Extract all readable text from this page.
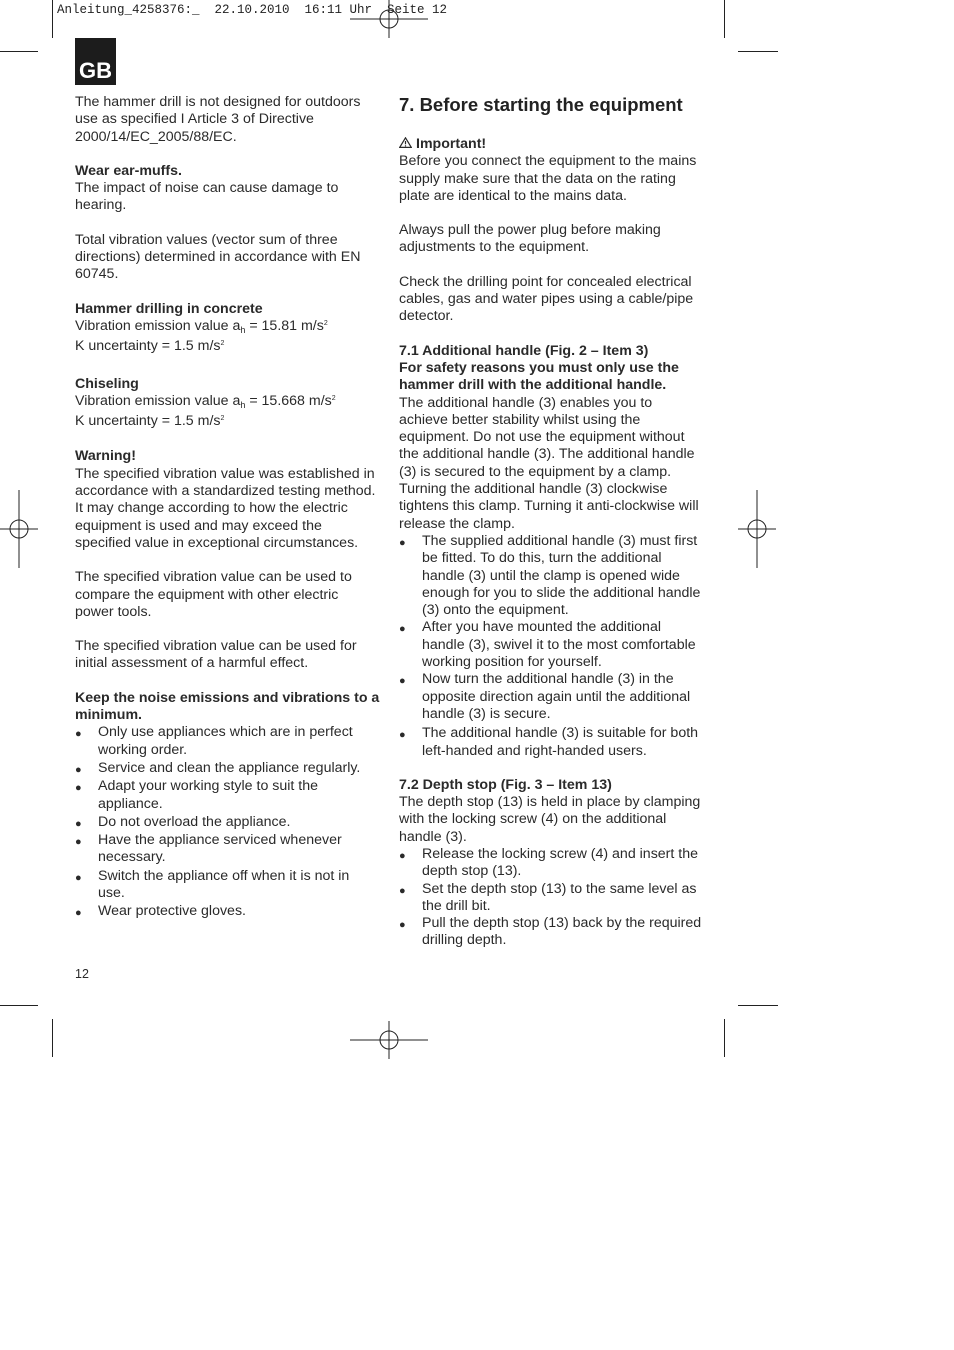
Anleitung_4258376:_  22.10.2010  16:11 Uhr  Seite 12
GB

The hammer drill is not designed for outdoors use as specified I Article 3 of Directive 2000/14/EC_2005/88/EC.

Wear ear-muffs.

The impact of noise can cause damage to hearing.

Total vibration values (vector sum of three directions) determined in accordance with EN 60745.

Hammer drilling in concrete

Vibration emission value $a_h = 15.81$ $m/s^2$

K uncertainty = 1.5 $m/s^2$

Chiseling

Vibration emission value $a_h = 15.668$ $m/s^2$

K uncertainty = 1.5 $m/s^2$

Warning!

The specified vibration value was established in accordance with a standardized testing method. It may change according to how the electric equipment is used and may exceed the specified value in exceptional circumstances.

The specified vibration value can be used to compare the equipment with other electric power tools.

The specified vibration value can be used for initial assessment of a harmful effect.

Keep the noise emissions and vibrations to a minimum.

● Only use appliances which are in perfect working order.
● Service and clean the appliance regularly.
● Adapt your working style to suit the appliance.
● Do not overload the appliance.
● Have the appliance serviced whenever necessary.
● Switch the appliance off when it is not in use.
● Wear protective gloves.

7. Before starting the equipment

Important!

Before you connect the equipment to the mains supply make sure that the data on the rating plate are identical to the mains data.

Always pull the power plug before making adjustments to the equipment.

Check the drilling point for concealed electrical cables, gas and water pipes using a cable/pipe detector.

7.1 Additional handle (Fig. 2 – Item 3)

For safety reasons you must only use the hammer drill with the additional handle.

The additional handle (3) enables you to achieve better stability whilst using the equipment. Do not use the equipment without the additional handle (3). The additional handle (3) is secured to the equipment by a clamp. Turning the additional handle (3) clockwise tightens this clamp. Turning it anti-clockwise will release the clamp.

● The supplied additional handle (3) must first be fitted. To do this, turn the additional handle (3) until the clamp is opened wide enough for you to slide the additional handle (3) onto the equipment.
● After you have mounted the additional handle (3), swivel it to the most comfortable working position for yourself.
● Now turn the additional handle (3) in the opposite direction again until the additional handle (3) is secure.
● The additional handle (3) is suitable for both left-handed and right-handed users.

7.2 Depth stop (Fig. 3 – Item 13)

The depth stop (13) is held in place by clamping with the locking screw (4) on the additional handle (3).

● Release the locking screw (4) and insert the depth stop (13).
● Set the depth stop (13) to the same level as the drill bit.
● Pull the depth stop (13) back by the required drilling depth.
12
